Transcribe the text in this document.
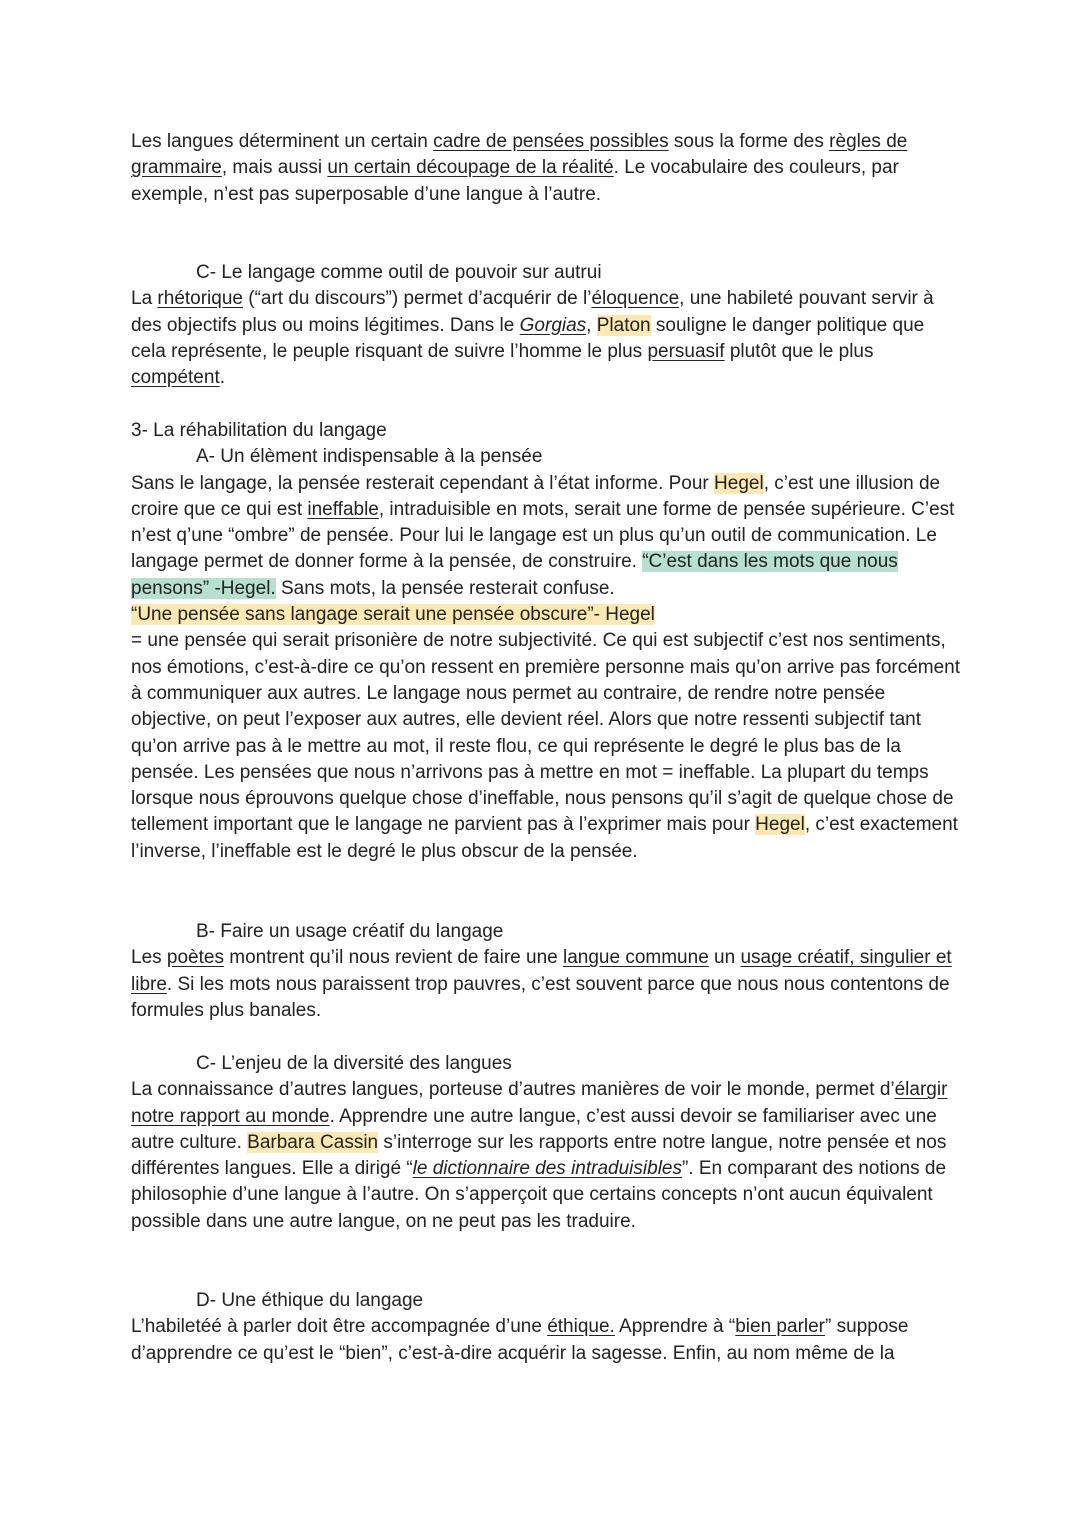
Les langues déterminent un certain cadre de pensées possibles sous la forme des règles de grammaire, mais aussi un certain découpage de la réalité. Le vocabulaire des couleurs, par exemple, n’est pas superposable d’une langue à l’autre.

C- Le langage comme outil de pouvoir sur autrui

La rhétorique (“art du discours”) permet d’acquérir de l’éloquence, une habileté pouvant servir à des objectifs plus ou moins légitimes. Dans le Gorgias, Platon souligne le danger politique que cela représente, le peuple risquant de suivre l’homme le plus persuasif plutôt que le plus compétent.

3- La réhabilitation du langage

A- Un élèment indispensable à la pensée

Sans le langage, la pensée resterait cependant à l’état informe. Pour Hegel, c’est une illusion de croire que ce qui est ineffable, intraduisible en mots, serait une forme de pensée supérieure. C’est n’est q’une “ombre” de pensée. Pour lui le langage est un plus qu’un outil de communication. Le langage permet de donner forme à la pensée, de construire. “C’est dans les mots que nous pensons” -Hegel. Sans mots, la pensée resterait confuse.

“Une pensée sans langage serait une pensée obscure”- Hegel

= une pensée qui serait prisonière de notre subjectivité. Ce qui est subjectif c’est nos sentiments, nos émotions, c’est-à-dire ce qu’on ressent en première personne mais qu’on arrive pas forcément à communiquer aux autres. Le langage nous permet au contraire, de rendre notre pensée objective, on peut l’exposer aux autres, elle devient réel. Alors que notre ressenti subjectif tant qu’on arrive pas à le mettre au mot, il reste flou, ce qui représente le degré le plus bas de la pensée. Les pensées que nous n’arrivons pas à mettre en mot = ineffable. La plupart du temps lorsque nous éprouvons quelque chose d’ineffable, nous pensons qu’il s’agit de quelque chose de tellement important que le langage ne parvient pas à l’exprimer mais pour Hegel, c’est exactement l’inverse, l’ineffable est le degré le plus obscur de la pensée.

B- Faire un usage créatif du langage

Les poètes montrent qu’il nous revient de faire une langue commune un usage créatif, singulier et libre. Si les mots nous paraissent trop pauvres, c’est souvent parce que nous nous contentons de formules plus banales.

C- L’enjeu de la diversité des langues

La connaissance d’autres langues, porteuse d’autres manières de voir le monde, permet d’élargir notre rapport au monde. Apprendre une autre langue, c’est aussi devoir se familiariser avec une autre culture. Barbara Cassin s’interroge sur les rapports entre notre langue, notre pensée et nos différentes langues. Elle a dirigé “le dictionnaire des intraduisibles”. En comparant des notions de philosophie d’une langue à l’autre. On s’apperçoit que certains concepts n’ont aucun équivalent possible dans une autre langue, on ne peut pas les traduire.

D- Une éthique du langage

L’habiletéé à parler doit être accompagnée d’une éthique. Apprendre à “bien parler” suppose d’apprendre ce qu’est le “bien”, c’est-à-dire acquérir la sagesse. Enfin, au nom même de la
